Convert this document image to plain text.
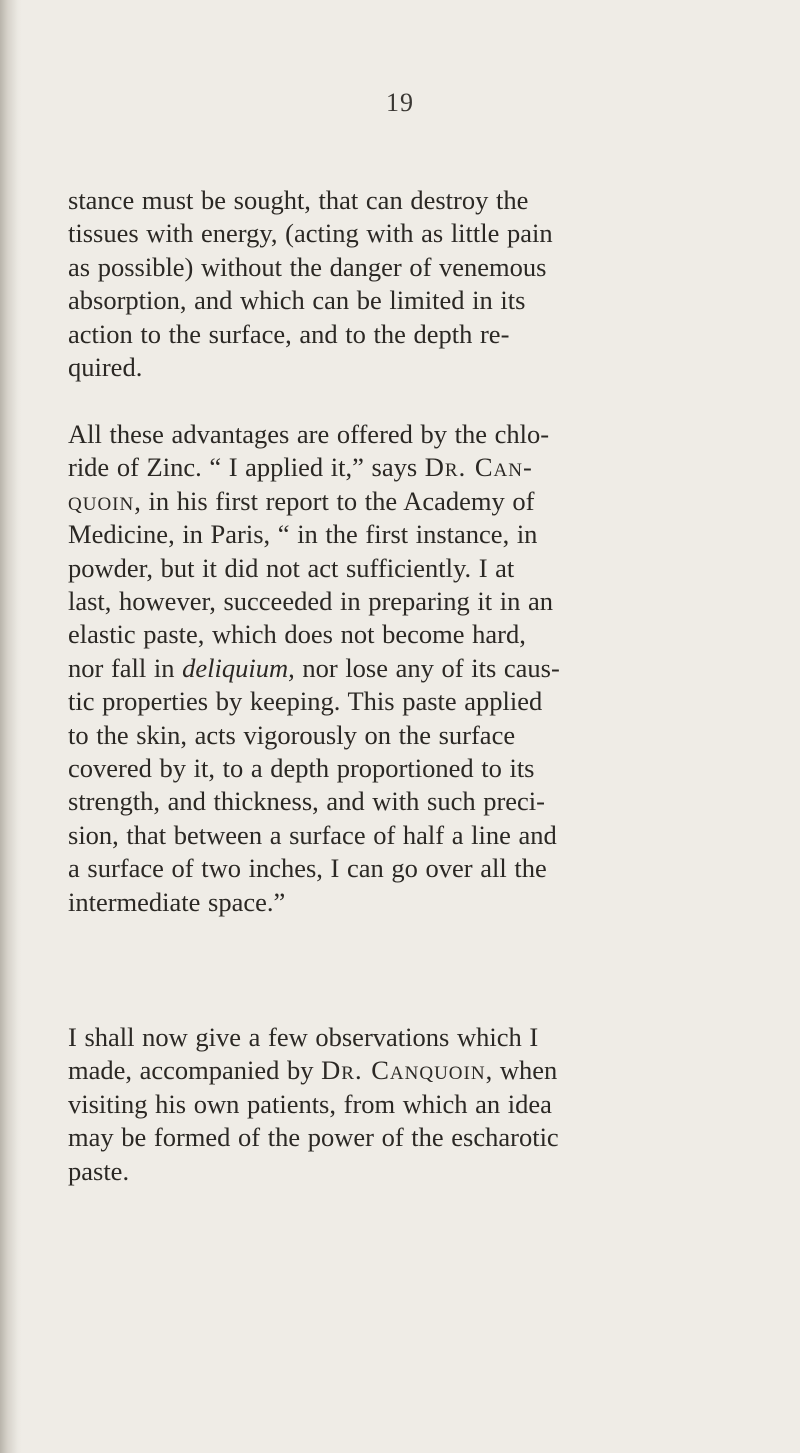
19
stance must be sought, that can destroy the
tissues with energy, (acting with as little pain
as possible) without the danger of venemous
absorption, and which can be limited in its
action to the surface, and to the depth re-
quired.
All these advantages are offered by the chlo-
ride of Zinc. “ I applied it,” says Dr. Can-
quoin, in his first report to the Academy of
Medicine, in Paris, “ in the first instance, in
powder, but it did not act sufficiently. I at
last, however, succeeded in preparing it in an
elastic paste, which does not become hard,
nor fall in deliquium, nor lose any of its caus-
tic properties by keeping. This paste applied
to the skin, acts vigorously on the surface
covered by it, to a depth proportioned to its
strength, and thickness, and with such preci-
sion, that between a surface of half a line and
a surface of two inches, I can go over all the
intermediate space.”
I shall now give a few observations which I
made, accompanied by Dr. Canquoin, when
visiting his own patients, from which an idea
may be formed of the power of the escharotic
paste.
